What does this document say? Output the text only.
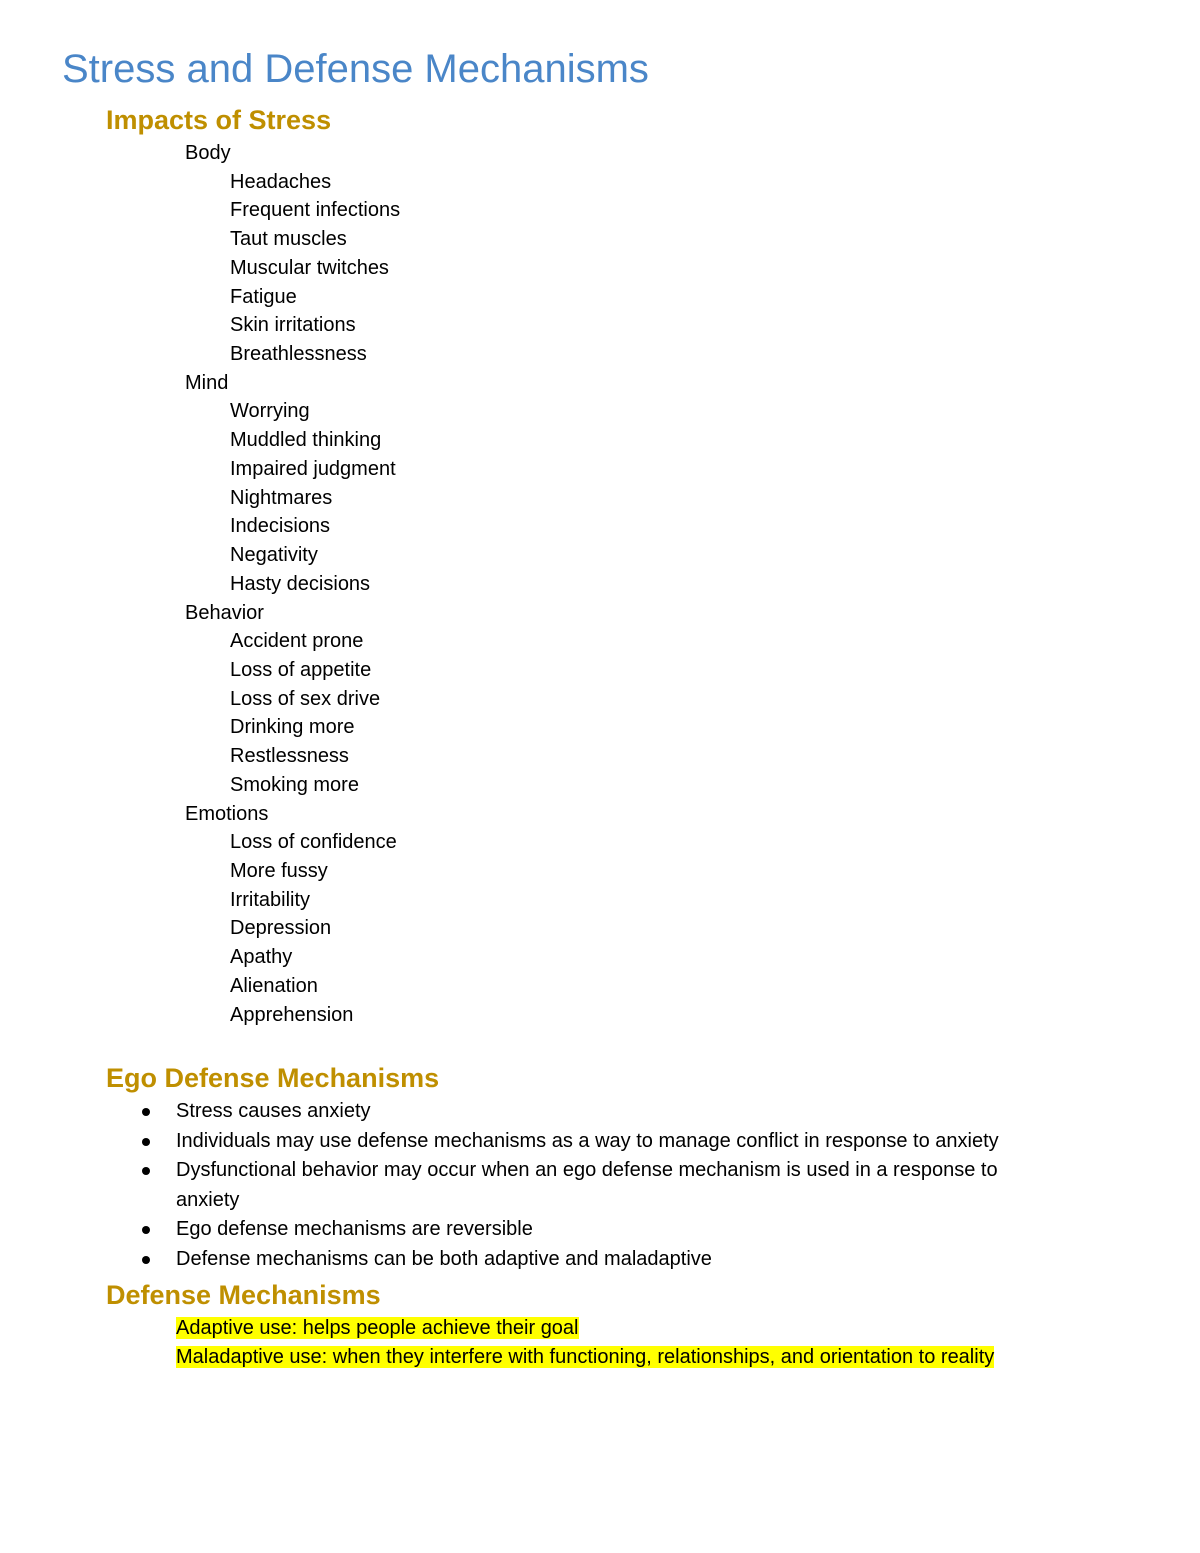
Stress and Defense Mechanisms
Impacts of Stress
Body
Headaches
Frequent infections
Taut muscles
Muscular twitches
Fatigue
Skin irritations
Breathlessness
Mind
Worrying
Muddled thinking
Impaired judgment
Nightmares
Indecisions
Negativity
Hasty decisions
Behavior
Accident prone
Loss of appetite
Loss of sex drive
Drinking more
Restlessness
Smoking more
Emotions
Loss of confidence
More fussy
Irritability
Depression
Apathy
Alienation
Apprehension
Ego Defense Mechanisms
Stress causes anxiety
Individuals may use defense mechanisms as a way to manage conflict in response to anxiety
Dysfunctional behavior may occur when an ego defense mechanism is used in a response to anxiety
Ego defense mechanisms are reversible
Defense mechanisms can be both adaptive and maladaptive
Defense Mechanisms
Adaptive use: helps people achieve their goal
Maladaptive use: when they interfere with functioning, relationships, and orientation to reality
